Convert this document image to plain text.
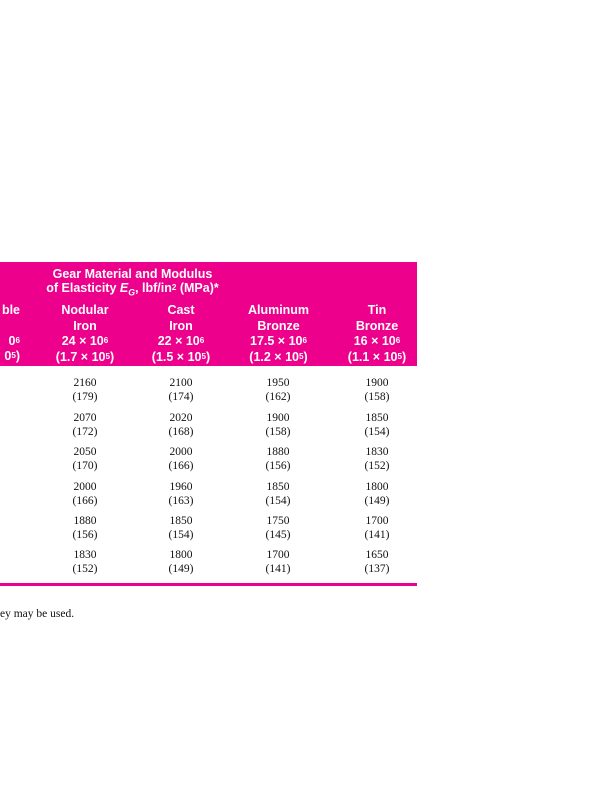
Gear Material and Modulus
of Elasticity $E_G$, lbf/$in^2$ (MPa)*
ble
$0^6$
$0^5$)
Nodular
Iron
$24 \times 10^6$
$(1.7 \times 10^5)$
Cast
Iron
$22 \times 10^6$
$(1.5 \times 10^5)$
Aluminum
Bronze
$17.5 \times 10^6$
$(1.2 \times 10^5)$
Tin
Bronze
$16 \times 10^6$
$(1.1 \times 10^5)$
2160
(179)
2100
(174)
1950
(162)
1900
(158)
2070
(172)
2020
(168)
1900
(158)
1850
(154)
2050
(170)
2000
(166)
1880
(156)
1830
(152)
2000
(166)
1960
(163)
1850
(154)
1800
(149)
1880
(156)
1850
(154)
1750
(145)
1700
(141)
1830
(152)
1800
(149)
1700
(141)
1650
(137)
ey may be used.
